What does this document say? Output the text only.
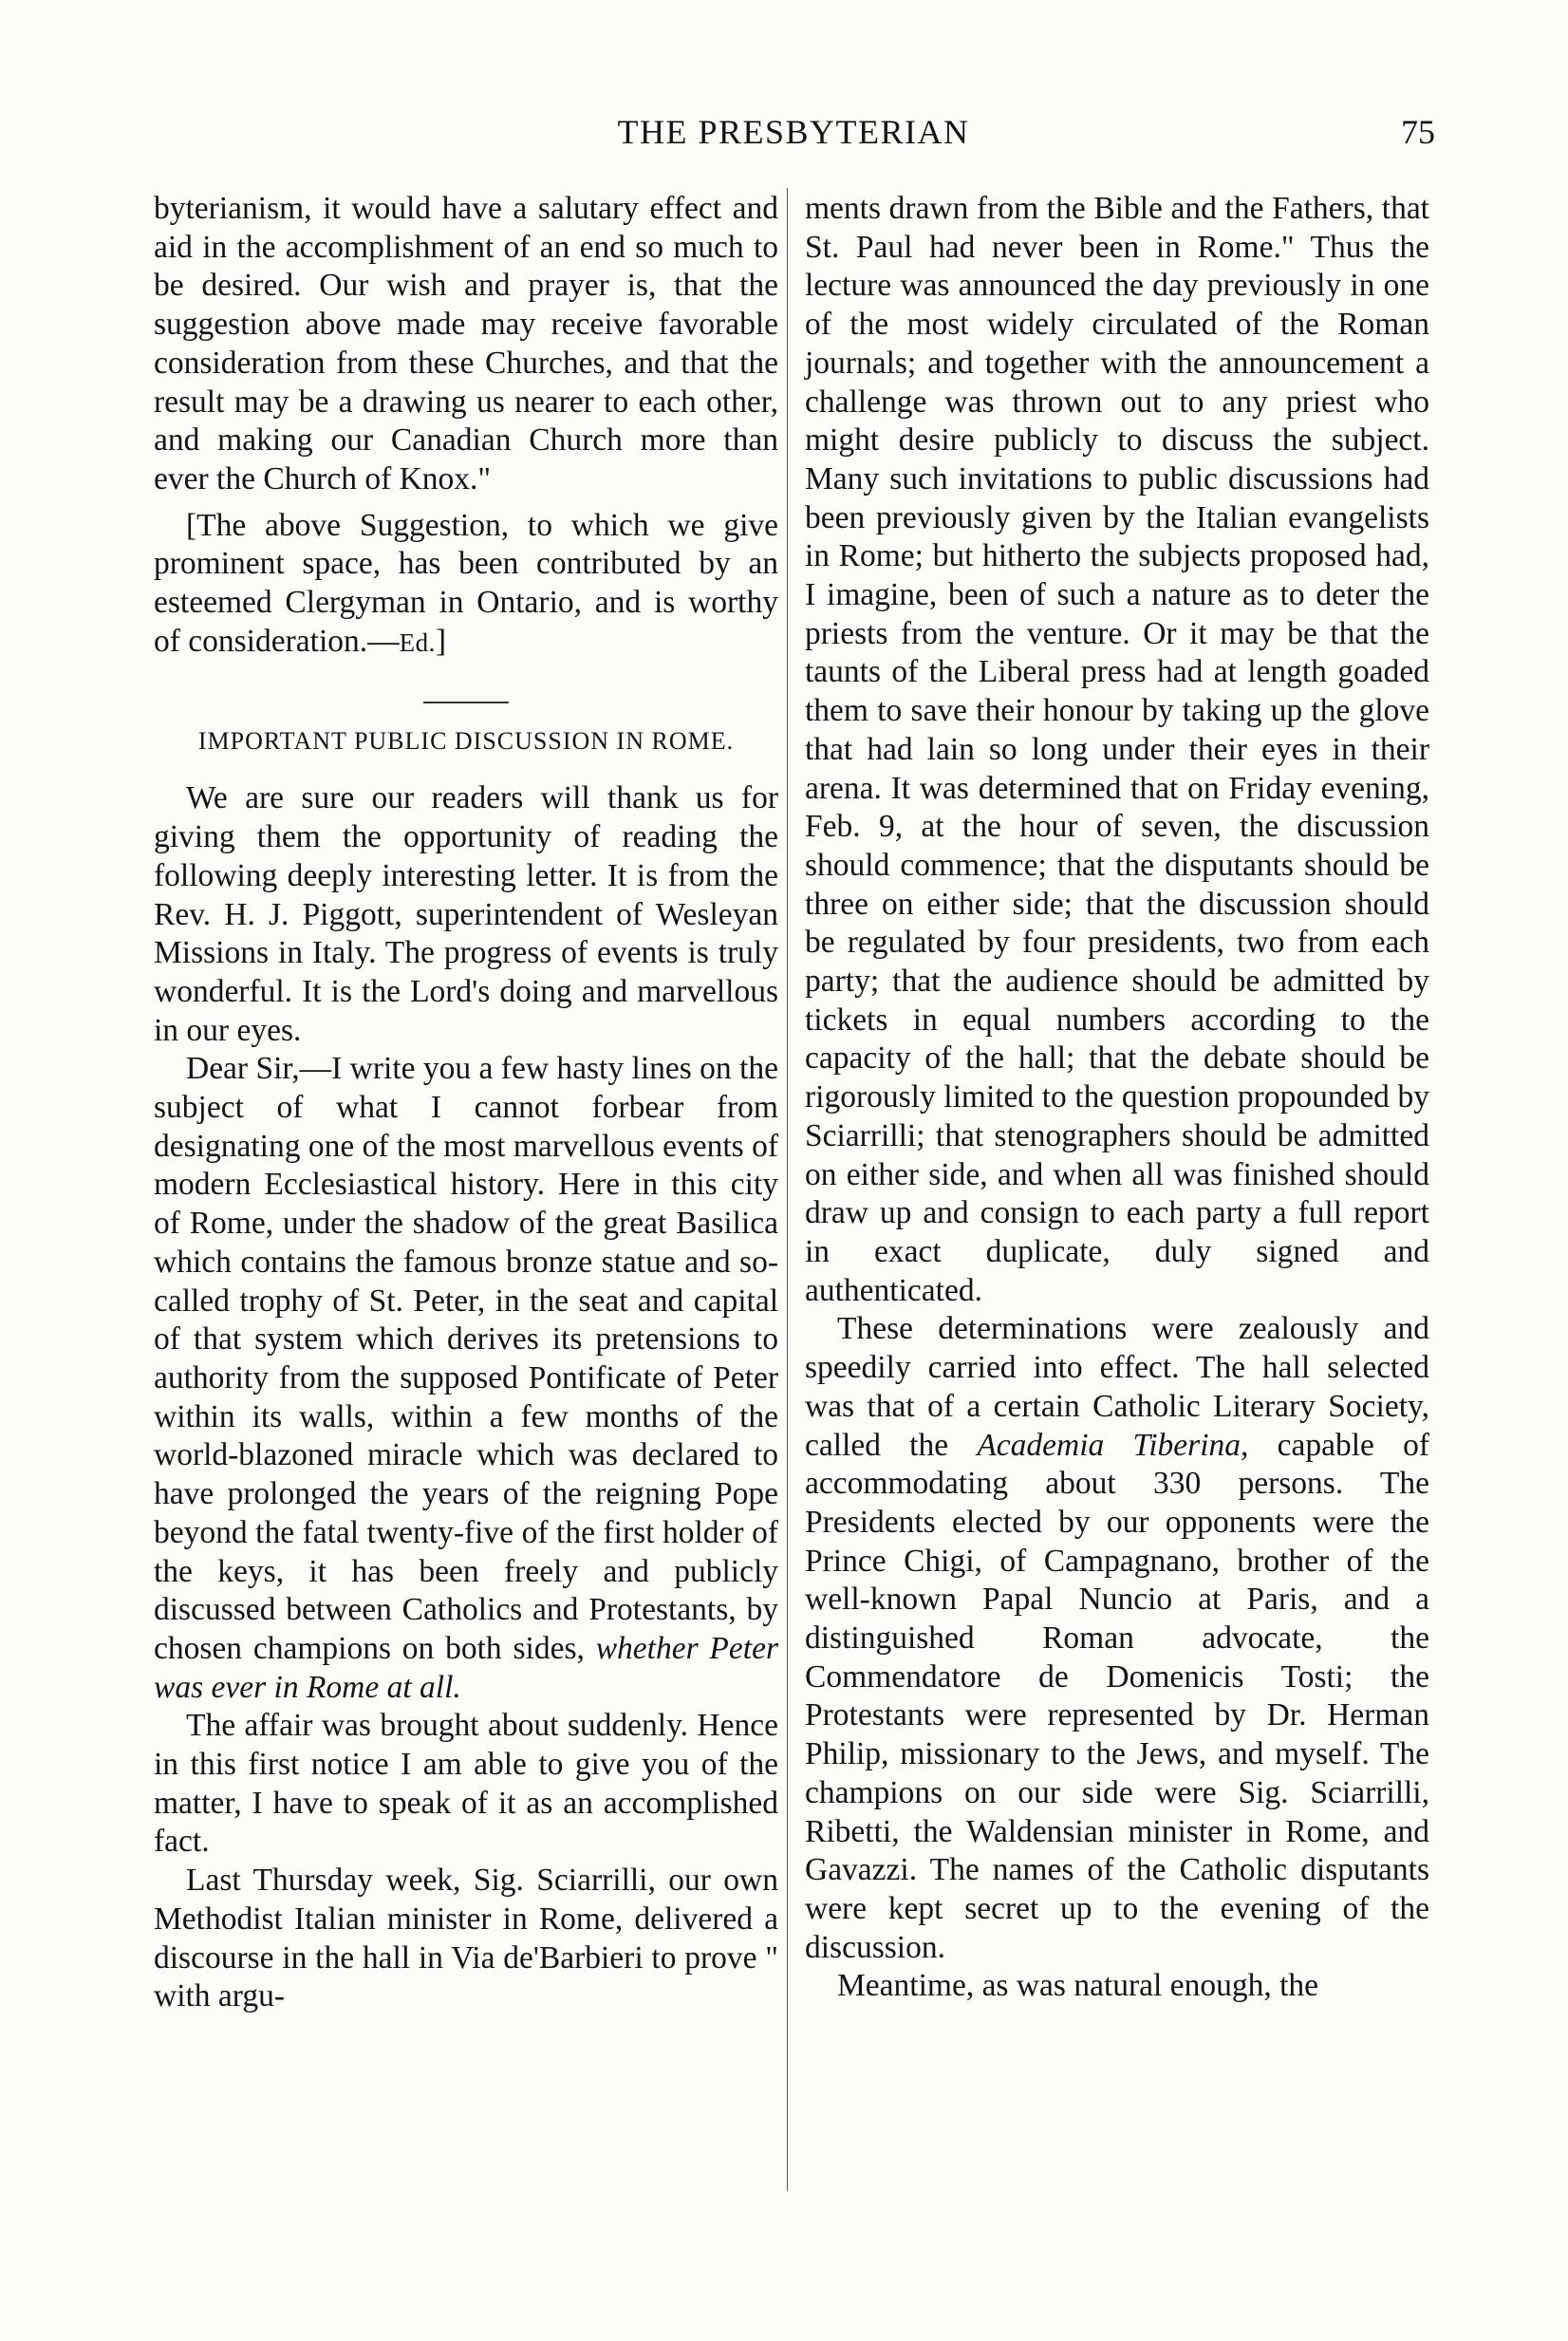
THE PRESBYTERIAN	75

byterianism, it would have a salutary effect and aid in the accomplishment of an end so much to be desired. Our wish and prayer is, that the suggestion above made may receive favorable consideration from these Churches, and that the result may be a drawing us nearer to each other, and making our Canadian Church more than ever the Church of Knox."

[The above Suggestion, to which we give prominent space, has been contributed by an esteemed Clergyman in Ontario, and is worthy of consideration.—Ed.]

IMPORTANT PUBLIC DISCUSSION IN ROME.

We are sure our readers will thank us for giving them the opportunity of reading the following deeply interesting letter. It is from the Rev. H. J. Piggott, superintendent of Wesleyan Missions in Italy. The progress of events is truly wonderful. It is the Lord's doing and marvellous in our eyes.

Dear Sir,—I write you a few hasty lines on the subject of what I cannot forbear from designating one of the most marvellous events of modern Ecclesiastical history. Here in this city of Rome, under the shadow of the great Basilica which contains the famous bronze statue and so-called trophy of St. Peter, in the seat and capital of that system which derives its pretensions to authority from the supposed Pontificate of Peter within its walls, within a few months of the world-blazoned miracle which was declared to have prolonged the years of the reigning Pope beyond the fatal twenty-five of the first holder of the keys, it has been freely and publicly discussed between Catholics and Protestants, by chosen champions on both sides, whether Peter was ever in Rome at all.

The affair was brought about suddenly. Hence in this first notice I am able to give you of the matter, I have to speak of it as an accomplished fact.

Last Thursday week, Sig. Sciarrilli, our own Methodist Italian minister in Rome, delivered a discourse in the hall in Via de'Barbieri to prove " with argu-

ments drawn from the Bible and the Fathers, that St. Paul had never been in Rome." Thus the lecture was announced the day previously in one of the most widely circulated of the Roman journals; and together with the announcement a challenge was thrown out to any priest who might desire publicly to discuss the subject. Many such invitations to public discussions had been previously given by the Italian evangelists in Rome; but hitherto the subjects proposed had, I imagine, been of such a nature as to deter the priests from the venture. Or it may be that the taunts of the Liberal press had at length goaded them to save their honour by taking up the glove that had lain so long under their eyes in their arena. It was determined that on Friday evening, Feb. 9, at the hour of seven, the discussion should commence; that the disputants should be three on either side; that the discussion should be regulated by four presidents, two from each party; that the audience should be admitted by tickets in equal numbers according to the capacity of the hall; that the debate should be rigorously limited to the question propounded by Sciarrilli; that stenographers should be admitted on either side, and when all was finished should draw up and consign to each party a full report in exact duplicate, duly signed and authenticated.

These determinations were zealously and speedily carried into effect. The hall selected was that of a certain Catholic Literary Society, called the Academia Tiberina, capable of accommodating about 330 persons. The Presidents elected by our opponents were the Prince Chigi, of Campagnano, brother of the well-known Papal Nuncio at Paris, and a distinguished Roman advocate, the Commendatore de Domenicis Tosti; the Protestants were represented by Dr. Herman Philip, missionary to the Jews, and myself. The champions on our side were Sig. Sciarrilli, Ribetti, the Waldensian minister in Rome, and Gavazzi. The names of the Catholic disputants were kept secret up to the evening of the discussion.

Meantime, as was natural enough, the
